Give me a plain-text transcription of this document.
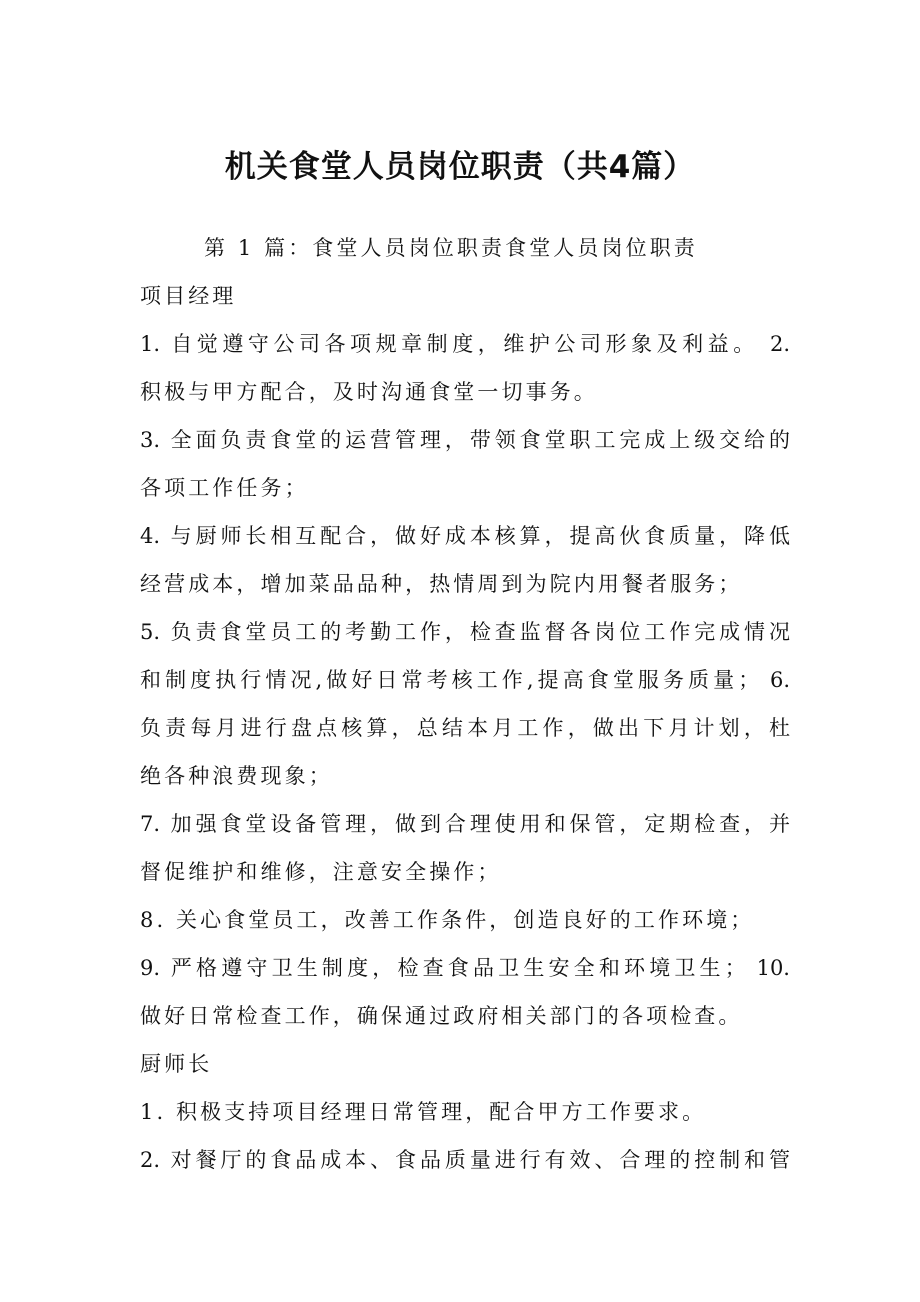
机关食堂人员岗位职责（共4篇）
第 1 篇：食堂人员岗位职责食堂人员岗位职责
项目经理
1. 自觉遵守公司各项规章制度，维护公司形象及利益。 2.
积极与甲方配合，及时沟通食堂一切事务。
3. 全面负责食堂的运营管理，带领食堂职工完成上级交给的
各项工作任务；
4. 与厨师长相互配合，做好成本核算，提高伙食质量，降低
经营成本，增加菜品品种，热情周到为院内用餐者服务；
5. 负责食堂员工的考勤工作，检查监督各岗位工作完成情况
和制度执行情况,做好日常考核工作,提高食堂服务质量； 6.
负责每月进行盘点核算，总结本月工作，做出下月计划，杜
绝各种浪费现象；
7. 加强食堂设备管理，做到合理使用和保管，定期检查，并
督促维护和维修，注意安全操作；
8. 关心食堂员工，改善工作条件，创造良好的工作环境；
9. 严格遵守卫生制度，检查食品卫生安全和环境卫生； 10.
做好日常检查工作，确保通过政府相关部门的各项检查。
厨师长
1. 积极支持项目经理日常管理，配合甲方工作要求。
2. 对餐厅的食品成本、食品质量进行有效、合理的控制和管
